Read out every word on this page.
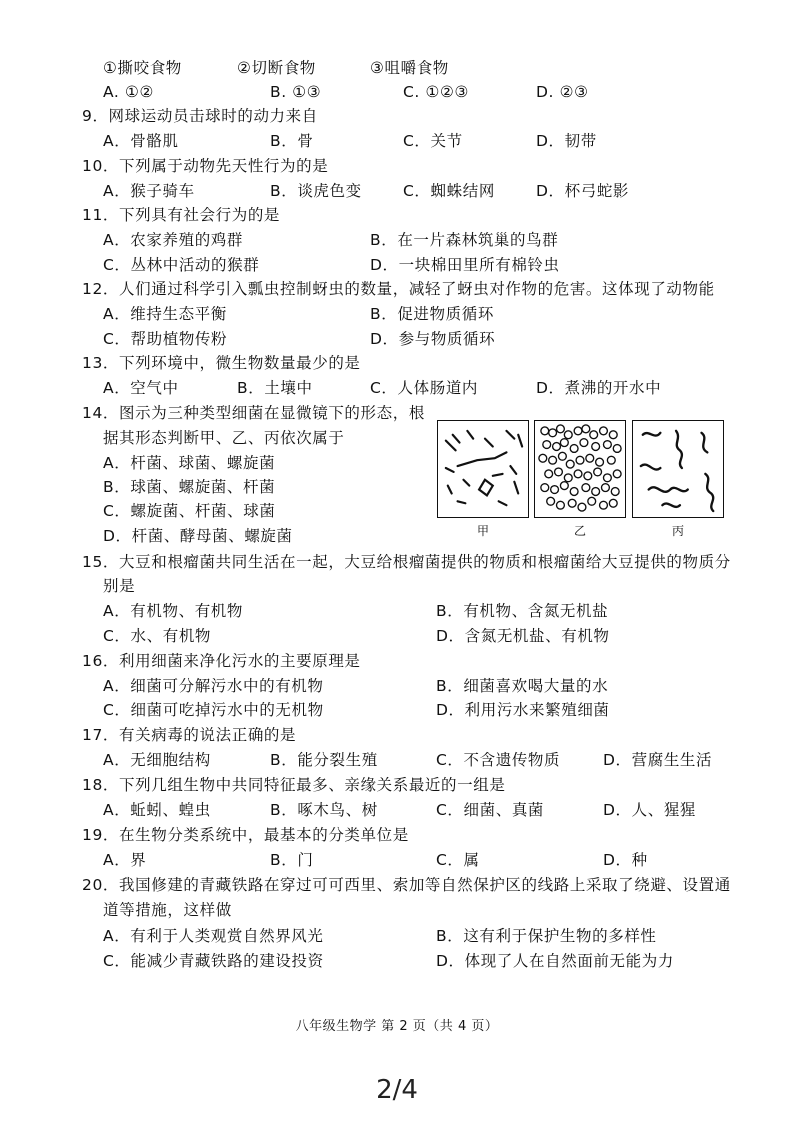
①撕咬食物	②切断食物	③咀嚼食物
A. ①②	B. ①③	C. ①②③	D. ②③
9．网球运动员击球时的动力来自
A．骨骼肌	B．骨	C．关节	D．韧带
10．下列属于动物先天性行为的是
A．猴子骑车	B．谈虎色变	C．蜘蛛结网	D．杯弓蛇影
11．下列具有社会行为的是
A．农家养殖的鸡群	B．在一片森林筑巢的鸟群
C．丛林中活动的猴群	D．一块棉田里所有棉铃虫
12．人们通过科学引入瓢虫控制蚜虫的数量，减轻了蚜虫对作物的危害。这体现了动物能
A．维持生态平衡	B．促进物质循环
C．帮助植物传粉	D．参与物质循环
13．下列环境中，微生物数量最少的是
A．空气中	B．土壤中	C．人体肠道内	D．煮沸的开水中
14．图示为三种类型细菌在显微镜下的形态，根
据其形态判断甲、乙、丙依次属于
A．杆菌、球菌、螺旋菌
B．球菌、螺旋菌、杆菌
C．螺旋菌、杆菌、球菌
D．杆菌、酵母菌、螺旋菌	甲	乙	丙
15．大豆和根瘤菌共同生活在一起，大豆给根瘤菌提供的物质和根瘤菌给大豆提供的物质分
别是
A．有机物、有机物	B．有机物、含氮无机盐
C．水、有机物	D．含氮无机盐、有机物
16．利用细菌来净化污水的主要原理是
A．细菌可分解污水中的有机物	B．细菌喜欢喝大量的水
C．细菌可吃掉污水中的无机物	D．利用污水来繁殖细菌
17．有关病毒的说法正确的是
A．无细胞结构	B．能分裂生殖	C．不含遗传物质	D．营腐生生活
18．下列几组生物中共同特征最多、亲缘关系最近的一组是
A．蚯蚓、蝗虫	B．啄木鸟、树	C．细菌、真菌	D．人、猩猩
19．在生物分类系统中，最基本的分类单位是
A．界	B．门	C．属	D．种
20．我国修建的青藏铁路在穿过可可西里、索加等自然保护区的线路上采取了绕避、设置通
道等措施，这样做
A．有利于人类观赏自然界风光	B．这有利于保护生物的多样性
C．能减少青藏铁路的建设投资	D．体现了人在自然面前无能为力
八年级生物学 第 2 页（共 4 页）
2/4
